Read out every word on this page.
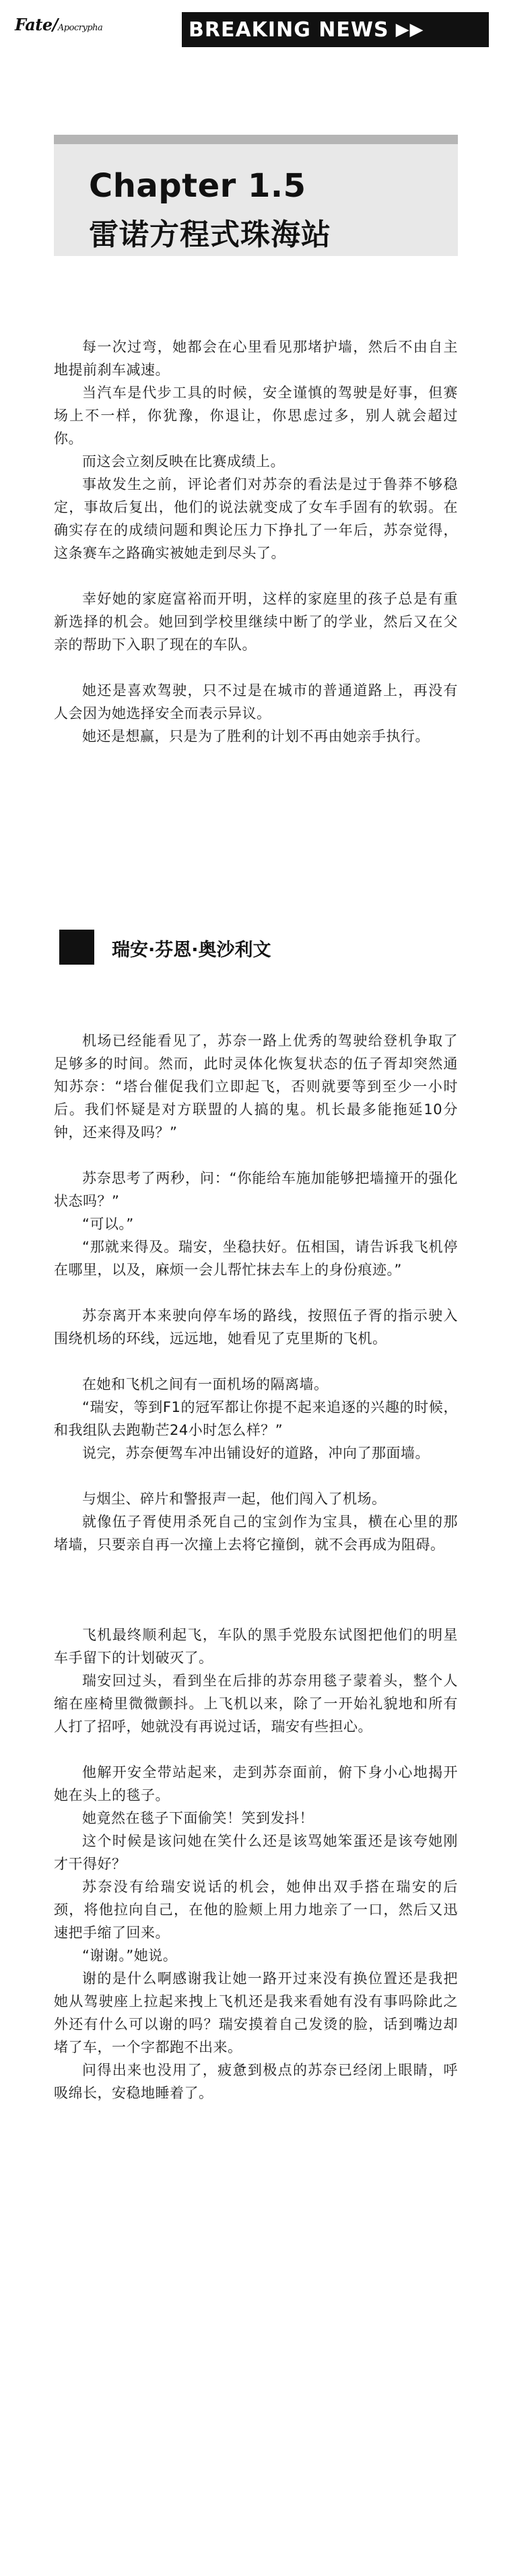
Fate/Apocrypha	BREAKING NEWS ▶▶
Chapter 1.5
雷诺方程式珠海站
每一次过弯，她都会在心里看见那堵护墙，然后不由自主地提前刹车减速。
当汽车是代步工具的时候，安全谨慎的驾驶是好事，但赛场上不一样，你犹豫，你退让，你思虑过多，别人就会超过你。
而这会立刻反映在比赛成绩上。
事故发生之前，评论者们对苏奈的看法是过于鲁莽不够稳定，事故后复出，他们的说法就变成了女车手固有的软弱。在确实存在的成绩问题和舆论压力下挣扎了一年后，苏奈觉得，这条赛车之路确实被她走到尽头了。
幸好她的家庭富裕而开明，这样的家庭里的孩子总是有重新选择的机会。她回到学校里继续中断了的学业，然后又在父亲的帮助下入职了现在的车队。
她还是喜欢驾驶，只不过是在城市的普通道路上，再没有人会因为她选择安全而表示异议。
她还是想赢，只是为了胜利的计划不再由她亲手执行。
瑞安·芬恩·奥沙利文
机场已经能看见了，苏奈一路上优秀的驾驶给登机争取了足够多的时间。然而，此时灵体化恢复状态的伍子胥却突然通知苏奈：“塔台催促我们立即起飞，否则就要等到至少一小时后。我们怀疑是对方联盟的人搞的鬼。机长最多能拖延10分钟，还来得及吗？”
苏奈思考了两秒，问：“你能给车施加能够把墙撞开的强化状态吗？”
“可以。”
“那就来得及。瑞安，坐稳扶好。伍相国，请告诉我飞机停在哪里，以及，麻烦一会儿帮忙抹去车上的身份痕迹。”
苏奈离开本来驶向停车场的路线，按照伍子胥的指示驶入围绕机场的环线，远远地，她看见了克里斯的飞机。
在她和飞机之间有一面机场的隔离墙。
“瑞安，等到F1的冠军都让你提不起来追逐的兴趣的时候，和我组队去跑勒芒24小时怎么样？”
说完，苏奈便驾车冲出铺设好的道路，冲向了那面墙。
与烟尘、碎片和警报声一起，他们闯入了机场。
就像伍子胥使用杀死自己的宝剑作为宝具，横在心里的那堵墙，只要亲自再一次撞上去将它撞倒，就不会再成为阻碍。
飞机最终顺利起飞，车队的黑手党股东试图把他们的明星车手留下的计划破灭了。
瑞安回过头，看到坐在后排的苏奈用毯子蒙着头，整个人缩在座椅里微微颤抖。上飞机以来，除了一开始礼貌地和所有人打了招呼，她就没有再说过话，瑞安有些担心。
他解开安全带站起来，走到苏奈面前，俯下身小心地揭开她在头上的毯子。
她竟然在毯子下面偷笑！笑到发抖！
这个时候是该问她在笑什么还是该骂她笨蛋还是该夸她刚才干得好？
苏奈没有给瑞安说话的机会，她伸出双手搭在瑞安的后颈，将他拉向自己，在他的脸颊上用力地亲了一口，然后又迅速把手缩了回来。
“谢谢。”她说。
谢的是什么啊感谢我让她一路开过来没有换位置还是我把她从驾驶座上拉起来拽上飞机还是我来看她有没有事吗除此之外还有什么可以谢的吗？瑞安摸着自己发烫的脸，话到嘴边却堵了车，一个字都跑不出来。
问得出来也没用了，疲惫到极点的苏奈已经闭上眼睛，呼吸绵长，安稳地睡着了。
